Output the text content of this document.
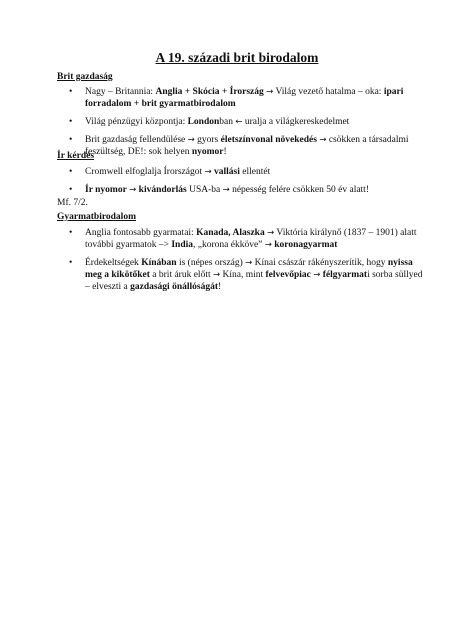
A 19. századi brit birodalom
Brit gazdaság
• Nagy – Britannia: Anglia + Skócia + Írország → Világ vezető hatalma – oka: ipari forradalom + brit gyarmatbirodalom
• Világ pénzügyi központja: Londonban ← uralja a világkereskedelmet
• Brit gazdaság fellendülése → gyors életszínvonal növekedés → csökken a társadalmi feszültség, DE!: sok helyen nyomor!
Ír kérdés
• Cromwell elfoglalja Írországot → vallási ellentét
• Ír nyomor → kivándorlás USA-ba → népesség felére csökken 50 év alatt!
Mf. 7/2.
Gyarmatbirodalom
• Anglia fontosabb gyarmatai: Kanada, Alaszka → Viktória királynő (1837 – 1901) alatt további gyarmatok –> India, „korona ékköve” → koronagyarmat
• Érdekeltségek Kínában is (népes ország) → Kínai császár rákényszerítik, hogy nyissa meg a kikötőket a brit áruk előtt → Kína, mint felvevőpiac → félgyarmati sorba süllyed – elveszti a gazdasági önállóságát!
